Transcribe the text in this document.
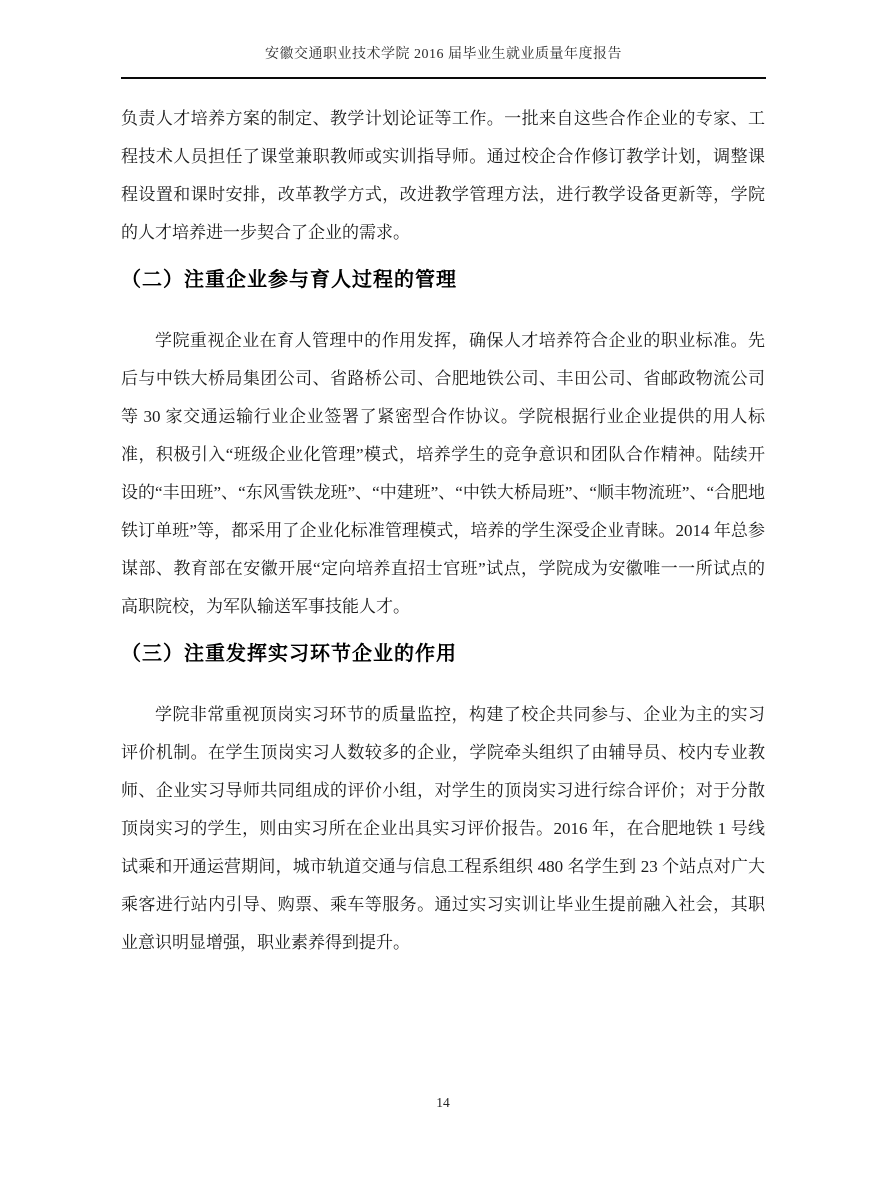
安徽交通职业技术学院 2016 届毕业生就业质量年度报告

负责人才培养方案的制定、教学计划论证等工作。一批来自这些合作企业的专家、工程技术人员担任了课堂兼职教师或实训指导师。通过校企合作修订教学计划，调整课程设置和课时安排，改革教学方式，改进教学管理方法，进行教学设备更新等，学院的人才培养进一步契合了企业的需求。

（二）注重企业参与育人过程的管理

学院重视企业在育人管理中的作用发挥，确保人才培养符合企业的职业标准。先后与中铁大桥局集团公司、省路桥公司、合肥地铁公司、丰田公司、省邮政物流公司等 30 家交通运输行业企业签署了紧密型合作协议。学院根据行业企业提供的用人标准，积极引入“班级企业化管理”模式，培养学生的竞争意识和团队合作精神。陆续开设的“丰田班”、“东风雪铁龙班”、“中建班”、“中铁大桥局班”、“顺丰物流班”、“合肥地铁订单班”等，都采用了企业化标准管理模式，培养的学生深受企业青睐。2014 年总参谋部、教育部在安徽开展“定向培养直招士官班”试点，学院成为安徽唯一一所试点的高职院校，为军队输送军事技能人才。

（三）注重发挥实习环节企业的作用

学院非常重视顶岗实习环节的质量监控，构建了校企共同参与、企业为主的实习评价机制。在学生顶岗实习人数较多的企业，学院牵头组织了由辅导员、校内专业教师、企业实习导师共同组成的评价小组，对学生的顶岗实习进行综合评价；对于分散顶岗实习的学生，则由实习所在企业出具实习评价报告。2016 年，在合肥地铁 1 号线试乘和开通运营期间，城市轨道交通与信息工程系组织 480 名学生到 23 个站点对广大乘客进行站内引导、购票、乘车等服务。通过实习实训让毕业生提前融入社会，其职业意识明显增强，职业素养得到提升。

14
